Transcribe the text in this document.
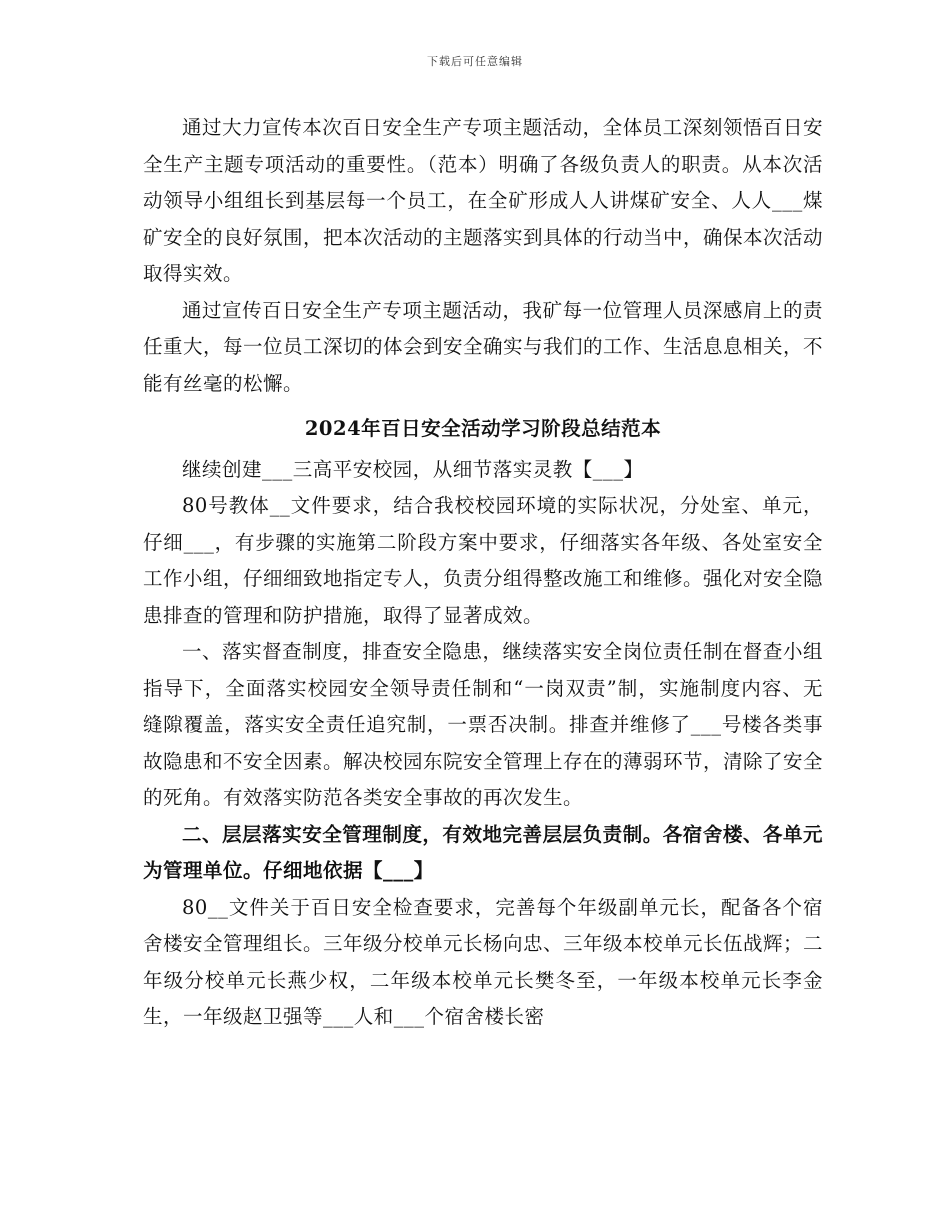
下载后可任意编辑

通过大力宣传本次百日安全生产专项主题活动，全体员工深刻领悟百日安全生产主题专项活动的重要性。（范本）明确了各级负责人的职责。从本次活动领导小组组长到基层每一个员工，在全矿形成人人讲煤矿安全、人人___煤矿安全的良好氛围，把本次活动的主题落实到具体的行动当中，确保本次活动取得实效。

通过宣传百日安全生产专项主题活动，我矿每一位管理人员深感肩上的责任重大，每一位员工深切的体会到安全确实与我们的工作、生活息息相关，不能有丝毫的松懈。

2024年百日安全活动学习阶段总结范本

继续创建___三高平安校园，从细节落实灵教【___】

80号教体__文件要求，结合我校校园环境的实际状况，分处室、单元，仔细___，有步骤的实施第二阶段方案中要求，仔细落实各年级、各处室安全工作小组，仔细细致地指定专人，负责分组得整改施工和维修。强化对安全隐患排查的管理和防护措施，取得了显著成效。

一、落实督查制度，排查安全隐患，继续落实安全岗位责任制在督查小组指导下，全面落实校园安全领导责任制和“一岗双责”制，实施制度内容、无缝隙覆盖，落实安全责任追究制，一票否决制。排查并维修了___号楼各类事故隐患和不安全因素。解决校园东院安全管理上存在的薄弱环节，清除了安全的死角。有效落实防范各类安全事故的再次发生。

二、层层落实安全管理制度，有效地完善层层负责制。各宿舍楼、各单元为管理单位。仔细地依据【___】

80__文件关于百日安全检查要求，完善每个年级副单元长，配备各个宿舍楼安全管理组长。三年级分校单元长杨向忠、三年级本校单元长伍战辉；二年级分校单元长燕少权，二年级本校单元长樊冬至，一年级本校单元长李金生，一年级赵卫强等___人和___个宿舍楼长密
